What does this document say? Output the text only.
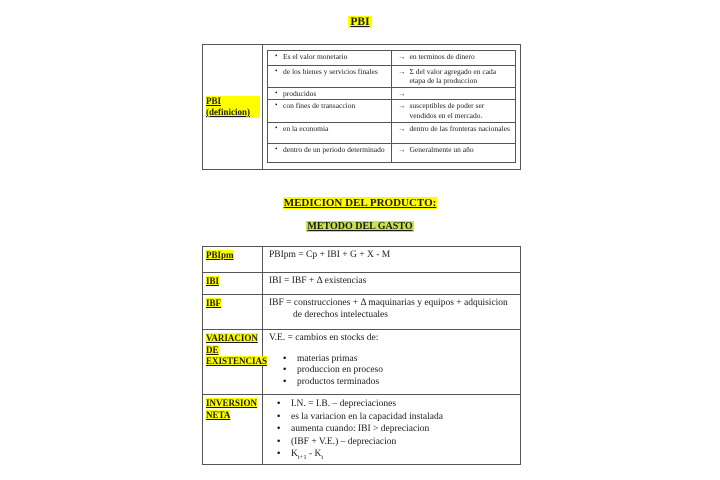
PBI
PBI (definicion)
• Es el valor monetario	→ en terminos de dinero

• de los bienes y servicios finales	→ Σ del valor agregado en cada etapa de la produccion

• producidos	→

• con fines de transaccion	→ susceptibles de poder ser vendidos en el mercado.

• en la economia	→ dentro de las fronteras nacionales

• dentro de un periodo determinado	→ Generalmente un año
MEDICION DEL PRODUCTO:
METODO DEL GASTO
PBIpm	PBIpm = Cp + IBI + G + X - M

IBI	IBI = IBF + Δ existencias

IBF	IBF = construcciones + Δ maquinarias y equipos + adquisicion de derechos intelectuales

VARIACION DE EXISTENCIAS	
V.E. = cambios en stocks de:
• materias primas
• produccion en proceso
• productos terminados

INVERSION NETA	
• I.N. = I.B. – depreciaciones
• es la variacion en la capacidad instalada
• aumenta cuando: IBI > depreciacion
• (IBF + V.E.) – depreciacion
• $K_{t+1} - K_t$
